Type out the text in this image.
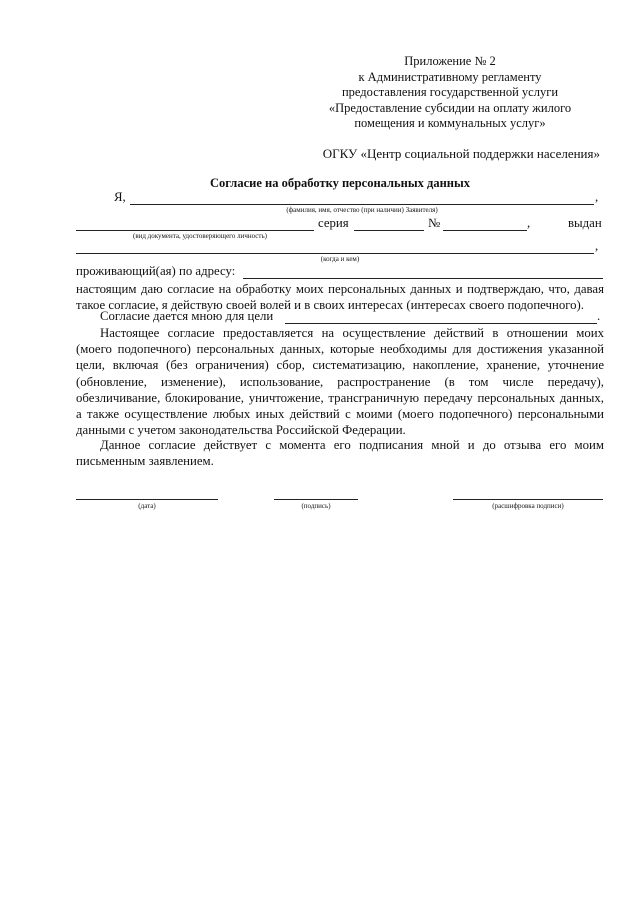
Приложение № 2
к Административному регламенту
предоставления государственной услуги
«Предоставление субсидии на оплату жилого
помещения и коммунальных услуг»
ОГКУ «Центр социальной поддержки населения»
Согласие на обработку персональных данных
Я,	,
(фамилия, имя, отчество (при наличии) Заявителя)
серия	№	,	выдан
(вид документа, удостоверяющего личность)
,
(когда и кем)
проживающий(ая) по адресу:
настоящим даю согласие на обработку моих персональных данных и подтверждаю, что, давая
такое согласие, я действую своей волей и в своих интересах (интересах своего подопечного).
Согласие дается мною для цели	.
Настоящее согласие предоставляется на осуществление действий в отношении моих
(моего подопечного) персональных данных, которые необходимы для достижения указанной
цели, включая (без ограничения) сбор, систематизацию, накопление, хранение, уточнение
(обновление, изменение), использование, распространение (в том числе передачу),
обезличивание, блокирование, уничтожение, трансграничную передачу персональных данных,
а также осуществление любых иных действий с моими (моего подопечного) персональными
данными с учетом законодательства Российской Федерации.
Данное согласие действует с момента его подписания мной и до отзыва его моим
письменным заявлением.
(дата)	(подпись)	(расшифровка подписи)
